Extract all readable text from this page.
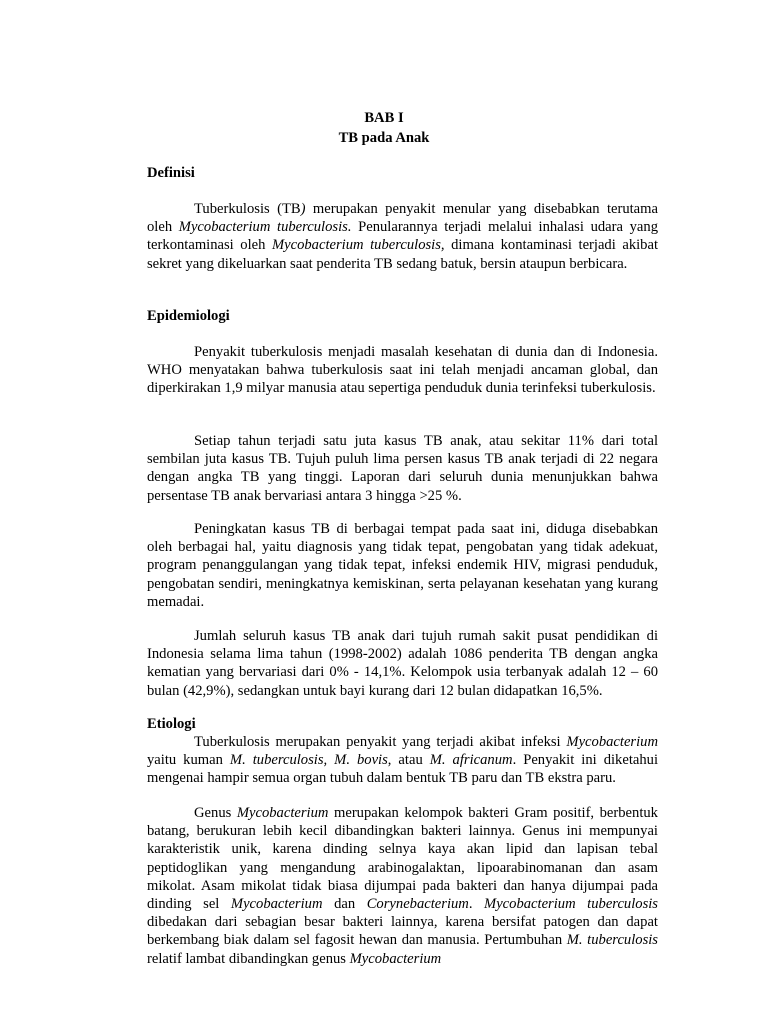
BAB I
TB pada Anak
Definisi

Tuberkulosis (TB) merupakan penyakit menular yang disebabkan terutama oleh Mycobacterium tuberculosis. Penularannya terjadi melalui inhalasi udara yang terkontaminasi oleh Mycobacterium tuberculosis, dimana kontaminasi terjadi akibat sekret yang dikeluarkan saat penderita TB sedang batuk, bersin ataupun berbicara.

Epidemiologi
Penyakit tuberkulosis menjadi masalah kesehatan di dunia dan di Indonesia. WHO menyatakan bahwa tuberkulosis saat ini telah menjadi ancaman global, dan diperkirakan 1,9 milyar manusia atau sepertiga penduduk dunia terinfeksi tuberkulosis.
Setiap tahun terjadi satu juta kasus TB anak, atau sekitar 11% dari total sembilan juta kasus TB. Tujuh puluh lima persen kasus TB anak terjadi di 22 negara dengan angka TB yang tinggi. Laporan dari seluruh dunia menunjukkan bahwa persentase TB anak bervariasi antara 3 hingga >25 %.
Peningkatan kasus TB di berbagai tempat pada saat ini, diduga disebabkan oleh berbagai hal, yaitu diagnosis yang tidak tepat, pengobatan yang tidak adekuat, program penanggulangan yang tidak tepat, infeksi endemik HIV, migrasi penduduk, pengobatan sendiri, meningkatnya kemiskinan, serta pelayanan kesehatan yang kurang memadai.
Jumlah seluruh kasus TB anak dari tujuh rumah sakit pusat pendidikan di Indonesia selama lima tahun (1998-2002) adalah 1086 penderita TB dengan angka kematian yang bervariasi dari 0% - 14,1%. Kelompok usia terbanyak adalah 12 – 60 bulan (42,9%), sedangkan untuk bayi kurang dari 12 bulan didapatkan 16,5%.
Etiologi

Tuberkulosis merupakan penyakit yang terjadi akibat infeksi Mycobacterium yaitu kuman M. tuberculosis, M. bovis, atau M. africanum. Penyakit ini diketahui mengenai hampir semua organ tubuh dalam bentuk TB paru dan TB ekstra paru.

Genus Mycobacterium merupakan kelompok bakteri Gram positif, berbentuk batang, berukuran lebih kecil dibandingkan bakteri lainnya. Genus ini mempunyai karakteristik unik, karena dinding selnya kaya akan lipid dan lapisan tebal peptidoglikan yang mengandung arabinogalaktan, lipoarabinomanan dan asam mikolat. Asam mikolat tidak biasa dijumpai pada bakteri dan hanya dijumpai pada dinding sel Mycobacterium dan Corynebacterium. Mycobacterium tuberculosis dibedakan dari sebagian besar bakteri lainnya, karena bersifat patogen dan dapat berkembang biak dalam sel fagosit hewan dan manusia. Pertumbuhan M. tuberculosis relatif lambat dibandingkan genus Mycobacterium
